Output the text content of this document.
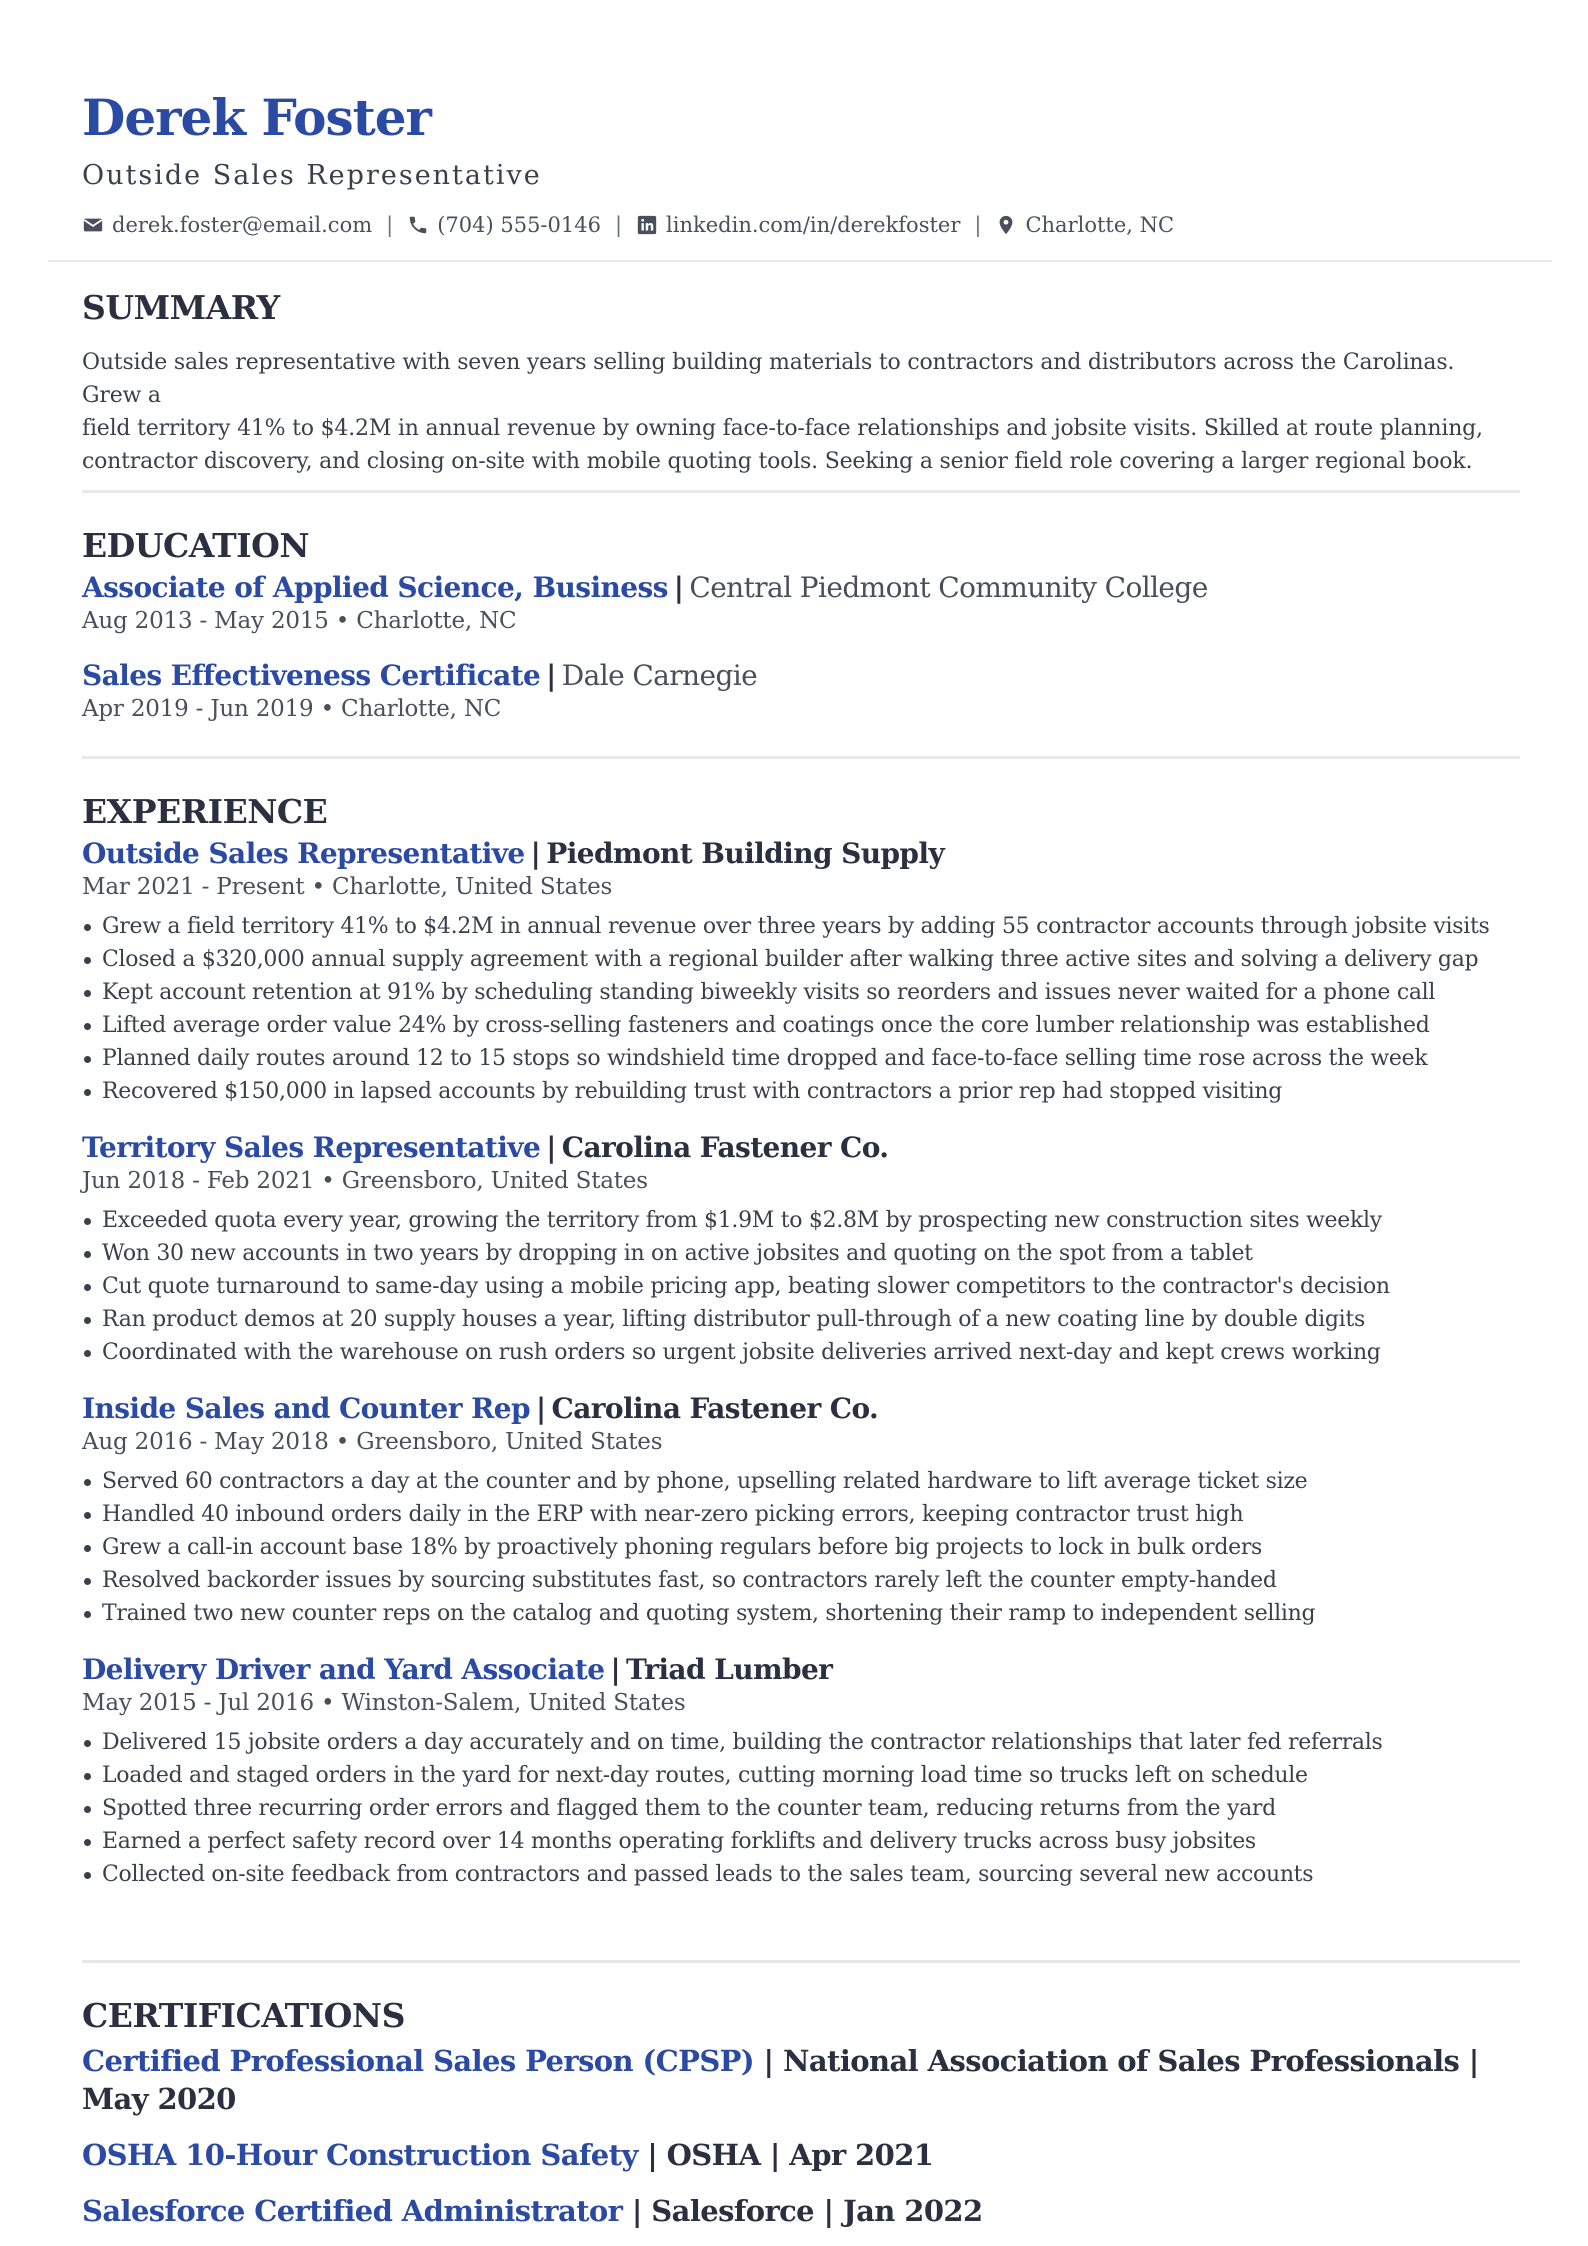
Derek Foster
Outside Sales Representative
derek.foster@email.com | (704) 555-0146 | linkedin.com/in/derekfoster | Charlotte, NC
SUMMARY
Outside sales representative with seven years selling building materials to contractors and distributors across the Carolinas. Grew a
field territory 41% to $4.2M in annual revenue by owning face-to-face relationships and jobsite visits. Skilled at route planning,
contractor discovery, and closing on-site with mobile quoting tools. Seeking a senior field role covering a larger regional book.
EDUCATION
Associate of Applied Science, Business | Central Piedmont Community College
Aug 2013 - May 2015 • Charlotte, NC
Sales Effectiveness Certificate | Dale Carnegie
Apr 2019 - Jun 2019 • Charlotte, NC
EXPERIENCE
Outside Sales Representative | Piedmont Building Supply
Mar 2021 - Present • Charlotte, United States
Grew a field territory 41% to $4.2M in annual revenue over three years by adding 55 contractor accounts through jobsite visits
Closed a $320,000 annual supply agreement with a regional builder after walking three active sites and solving a delivery gap
Kept account retention at 91% by scheduling standing biweekly visits so reorders and issues never waited for a phone call
Lifted average order value 24% by cross-selling fasteners and coatings once the core lumber relationship was established
Planned daily routes around 12 to 15 stops so windshield time dropped and face-to-face selling time rose across the week
Recovered $150,000 in lapsed accounts by rebuilding trust with contractors a prior rep had stopped visiting
Territory Sales Representative | Carolina Fastener Co.
Jun 2018 - Feb 2021 • Greensboro, United States
Exceeded quota every year, growing the territory from $1.9M to $2.8M by prospecting new construction sites weekly
Won 30 new accounts in two years by dropping in on active jobsites and quoting on the spot from a tablet
Cut quote turnaround to same-day using a mobile pricing app, beating slower competitors to the contractor's decision
Ran product demos at 20 supply houses a year, lifting distributor pull-through of a new coating line by double digits
Coordinated with the warehouse on rush orders so urgent jobsite deliveries arrived next-day and kept crews working
Inside Sales and Counter Rep | Carolina Fastener Co.
Aug 2016 - May 2018 • Greensboro, United States
Served 60 contractors a day at the counter and by phone, upselling related hardware to lift average ticket size
Handled 40 inbound orders daily in the ERP with near-zero picking errors, keeping contractor trust high
Grew a call-in account base 18% by proactively phoning regulars before big projects to lock in bulk orders
Resolved backorder issues by sourcing substitutes fast, so contractors rarely left the counter empty-handed
Trained two new counter reps on the catalog and quoting system, shortening their ramp to independent selling
Delivery Driver and Yard Associate | Triad Lumber
May 2015 - Jul 2016 • Winston-Salem, United States
Delivered 15 jobsite orders a day accurately and on time, building the contractor relationships that later fed referrals
Loaded and staged orders in the yard for next-day routes, cutting morning load time so trucks left on schedule
Spotted three recurring order errors and flagged them to the counter team, reducing returns from the yard
Earned a perfect safety record over 14 months operating forklifts and delivery trucks across busy jobsites
Collected on-site feedback from contractors and passed leads to the sales team, sourcing several new accounts
CERTIFICATIONS
Certified Professional Sales Person (CPSP) | National Association of Sales Professionals | May 2020
OSHA 10-Hour Construction Safety | OSHA | Apr 2021
Salesforce Certified Administrator | Salesforce | Jan 2022
